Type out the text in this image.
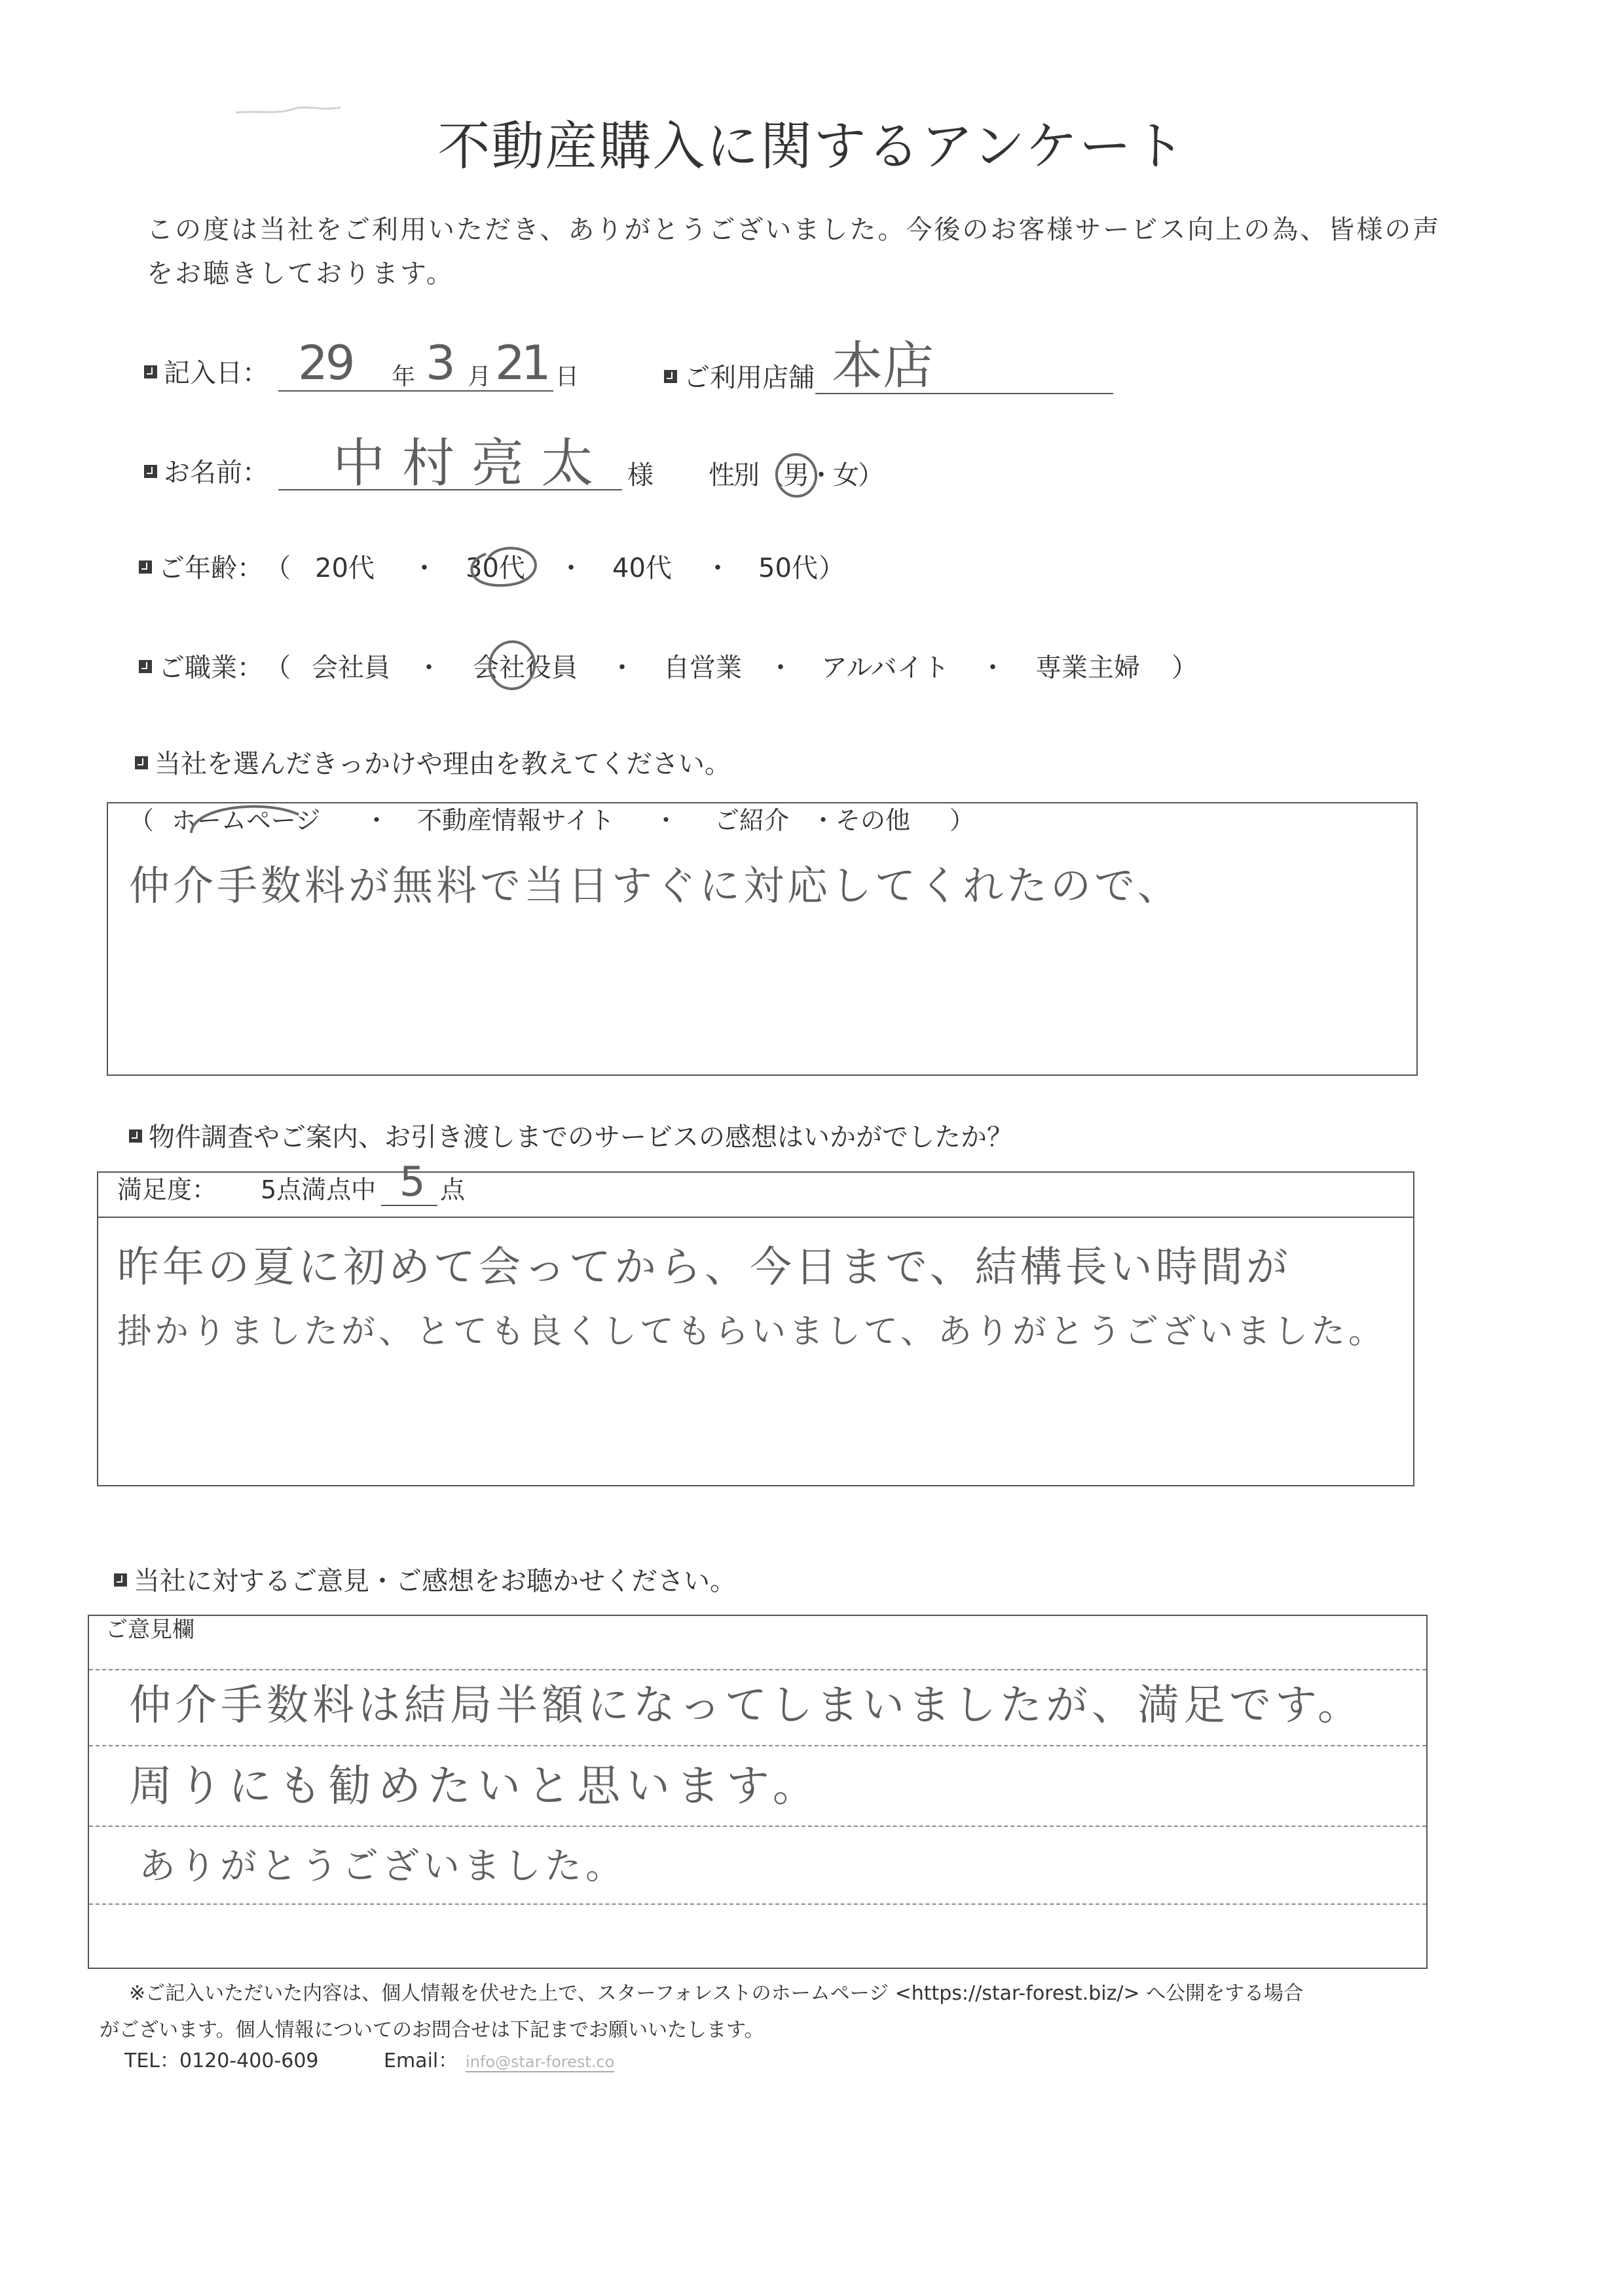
不動産購入に関するアンケート
この度は当社をご利用いただき、ありがとうございました。今後のお客様サービス向上の為、皆様の声
をお聴きしております。
記入日： 29 年 3 月 21 日	ご利用店舗 本店
お名前： 中村亮太 様 性別（男・女）
ご年齢： （ 20代 ・ 30代 ・ 40代 ・ 50代 ）
ご職業： （ 会社員 ・ 会社役員 ・ 自営業 ・ アルバイト ・ 専業主婦 ）
当社を選んだきっかけや理由を教えてください。
（ ホームページ ・ 不動産情報サイト ・ ご紹介 ・ その他 ）
仲介手数料が無料で当日すぐに対応してくれたので、
物件調査やご案内、お引き渡しまでのサービスの感想はいかがでしたか？
満足度： 5点満点中 5 点
昨年の夏に初めて会ってから、今日まで、結構長い時間が
掛かりましたが、とても良くしてもらいまして、ありがとうございました。
当社に対するご意見・ご感想をお聴かせください。
ご意見欄
仲介手数料は結局半額になってしまいましたが、満足です。
周りにも勧めたいと思います。
ありがとうございました。
※ご記入いただいた内容は、個人情報を伏せた上で、スターフォレストのホームページ <https://star-forest.biz/> へ公開をする場合
がございます。個人情報についてのお問合せは下記までお願いいたします。
TEL：0120-400-609	Email： info@star-forest.co
